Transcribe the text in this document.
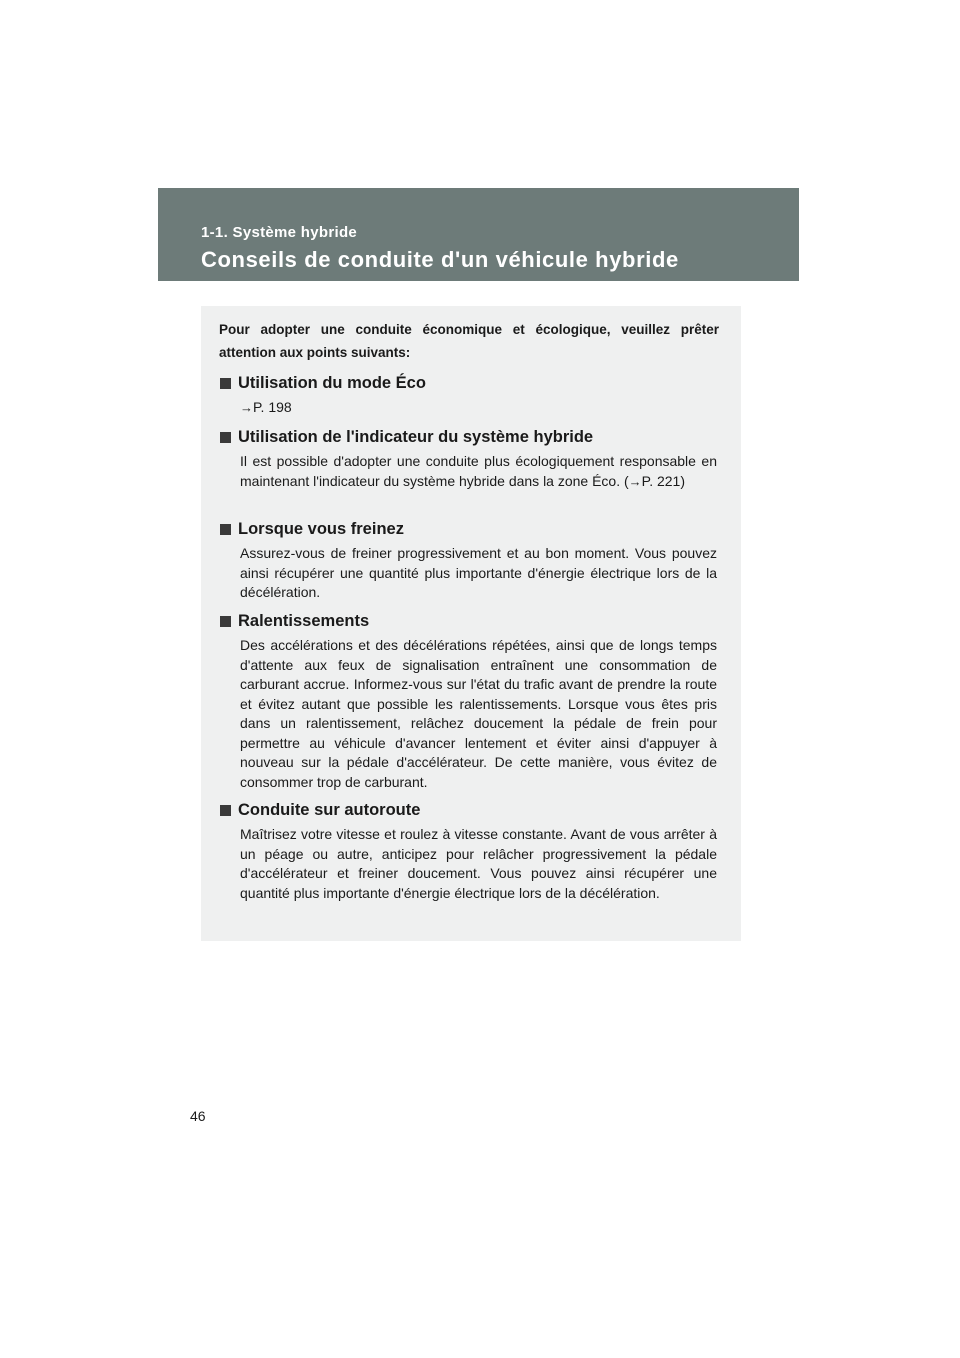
1-1. Système hybride
Conseils de conduite d'un véhicule hybride
Pour adopter une conduite économique et écologique, veuillez prêter attention aux points suivants:
Utilisation du mode Éco
→P. 198
Utilisation de l'indicateur du système hybride
Il est possible d'adopter une conduite plus écologiquement responsable en maintenant l'indicateur du système hybride dans la zone Éco. (→P. 221)
Lorsque vous freinez
Assurez-vous de freiner progressivement et au bon moment. Vous pouvez ainsi récupérer une quantité plus importante d'énergie électrique lors de la décélération.
Ralentissements
Des accélérations et des décélérations répétées, ainsi que de longs temps d'attente aux feux de signalisation entraînent une consommation de carburant accrue. Informez-vous sur l'état du trafic avant de prendre la route et évitez autant que possible les ralentissements. Lorsque vous êtes pris dans un ralentissement, relâchez doucement la pédale de frein pour permettre au véhicule d'avancer lentement et éviter ainsi d'appuyer à nouveau sur la pédale d'accélérateur. De cette manière, vous évitez de consommer trop de carburant.
Conduite sur autoroute
Maîtrisez votre vitesse et roulez à vitesse constante. Avant de vous arrêter à un péage ou autre, anticipez pour relâcher progressivement la pédale d'accélérateur et freiner doucement. Vous pouvez ainsi récupérer une quantité plus importante d'énergie électrique lors de la décélération.
46
